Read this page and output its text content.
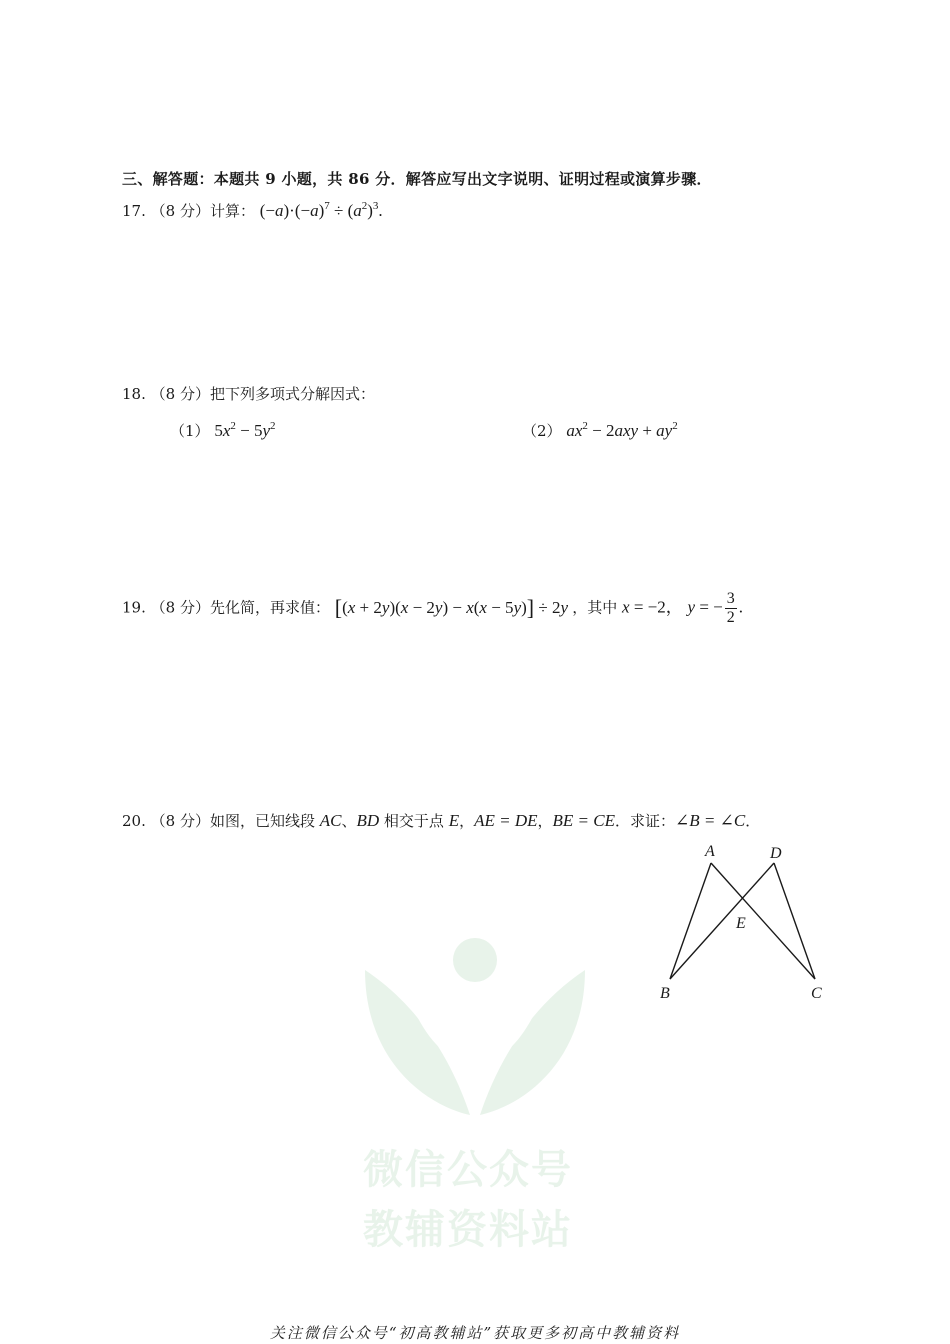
三、解答题：本题共 9 小题，共 86 分．解答应写出文字说明、证明过程或演算步骤．
17. （8 分）计算： $(-a)\cdot(-a)^7 \div (a^2)^3$.
18. （8 分）把下列多项式分解因式：
（1） $5x^2 - 5y^2$	（2） $ax^2 - 2axy + ay^2$
19. （8 分）先化简，再求值： [(x + 2y)(x − 2y) − x(x − 5y)] ÷ 2y ，其中 x = −2， y = − $\frac{3}{2}$ .
20. （8 分）如图，已知线段 AC、BD 相交于点 E，AE = DE，BE = CE．求证：∠B = ∠C．
A	D
E
B	C
微信公众号
教辅资料站
关注微信公众号“初高教辅站”获取更多初高中教辅资料
